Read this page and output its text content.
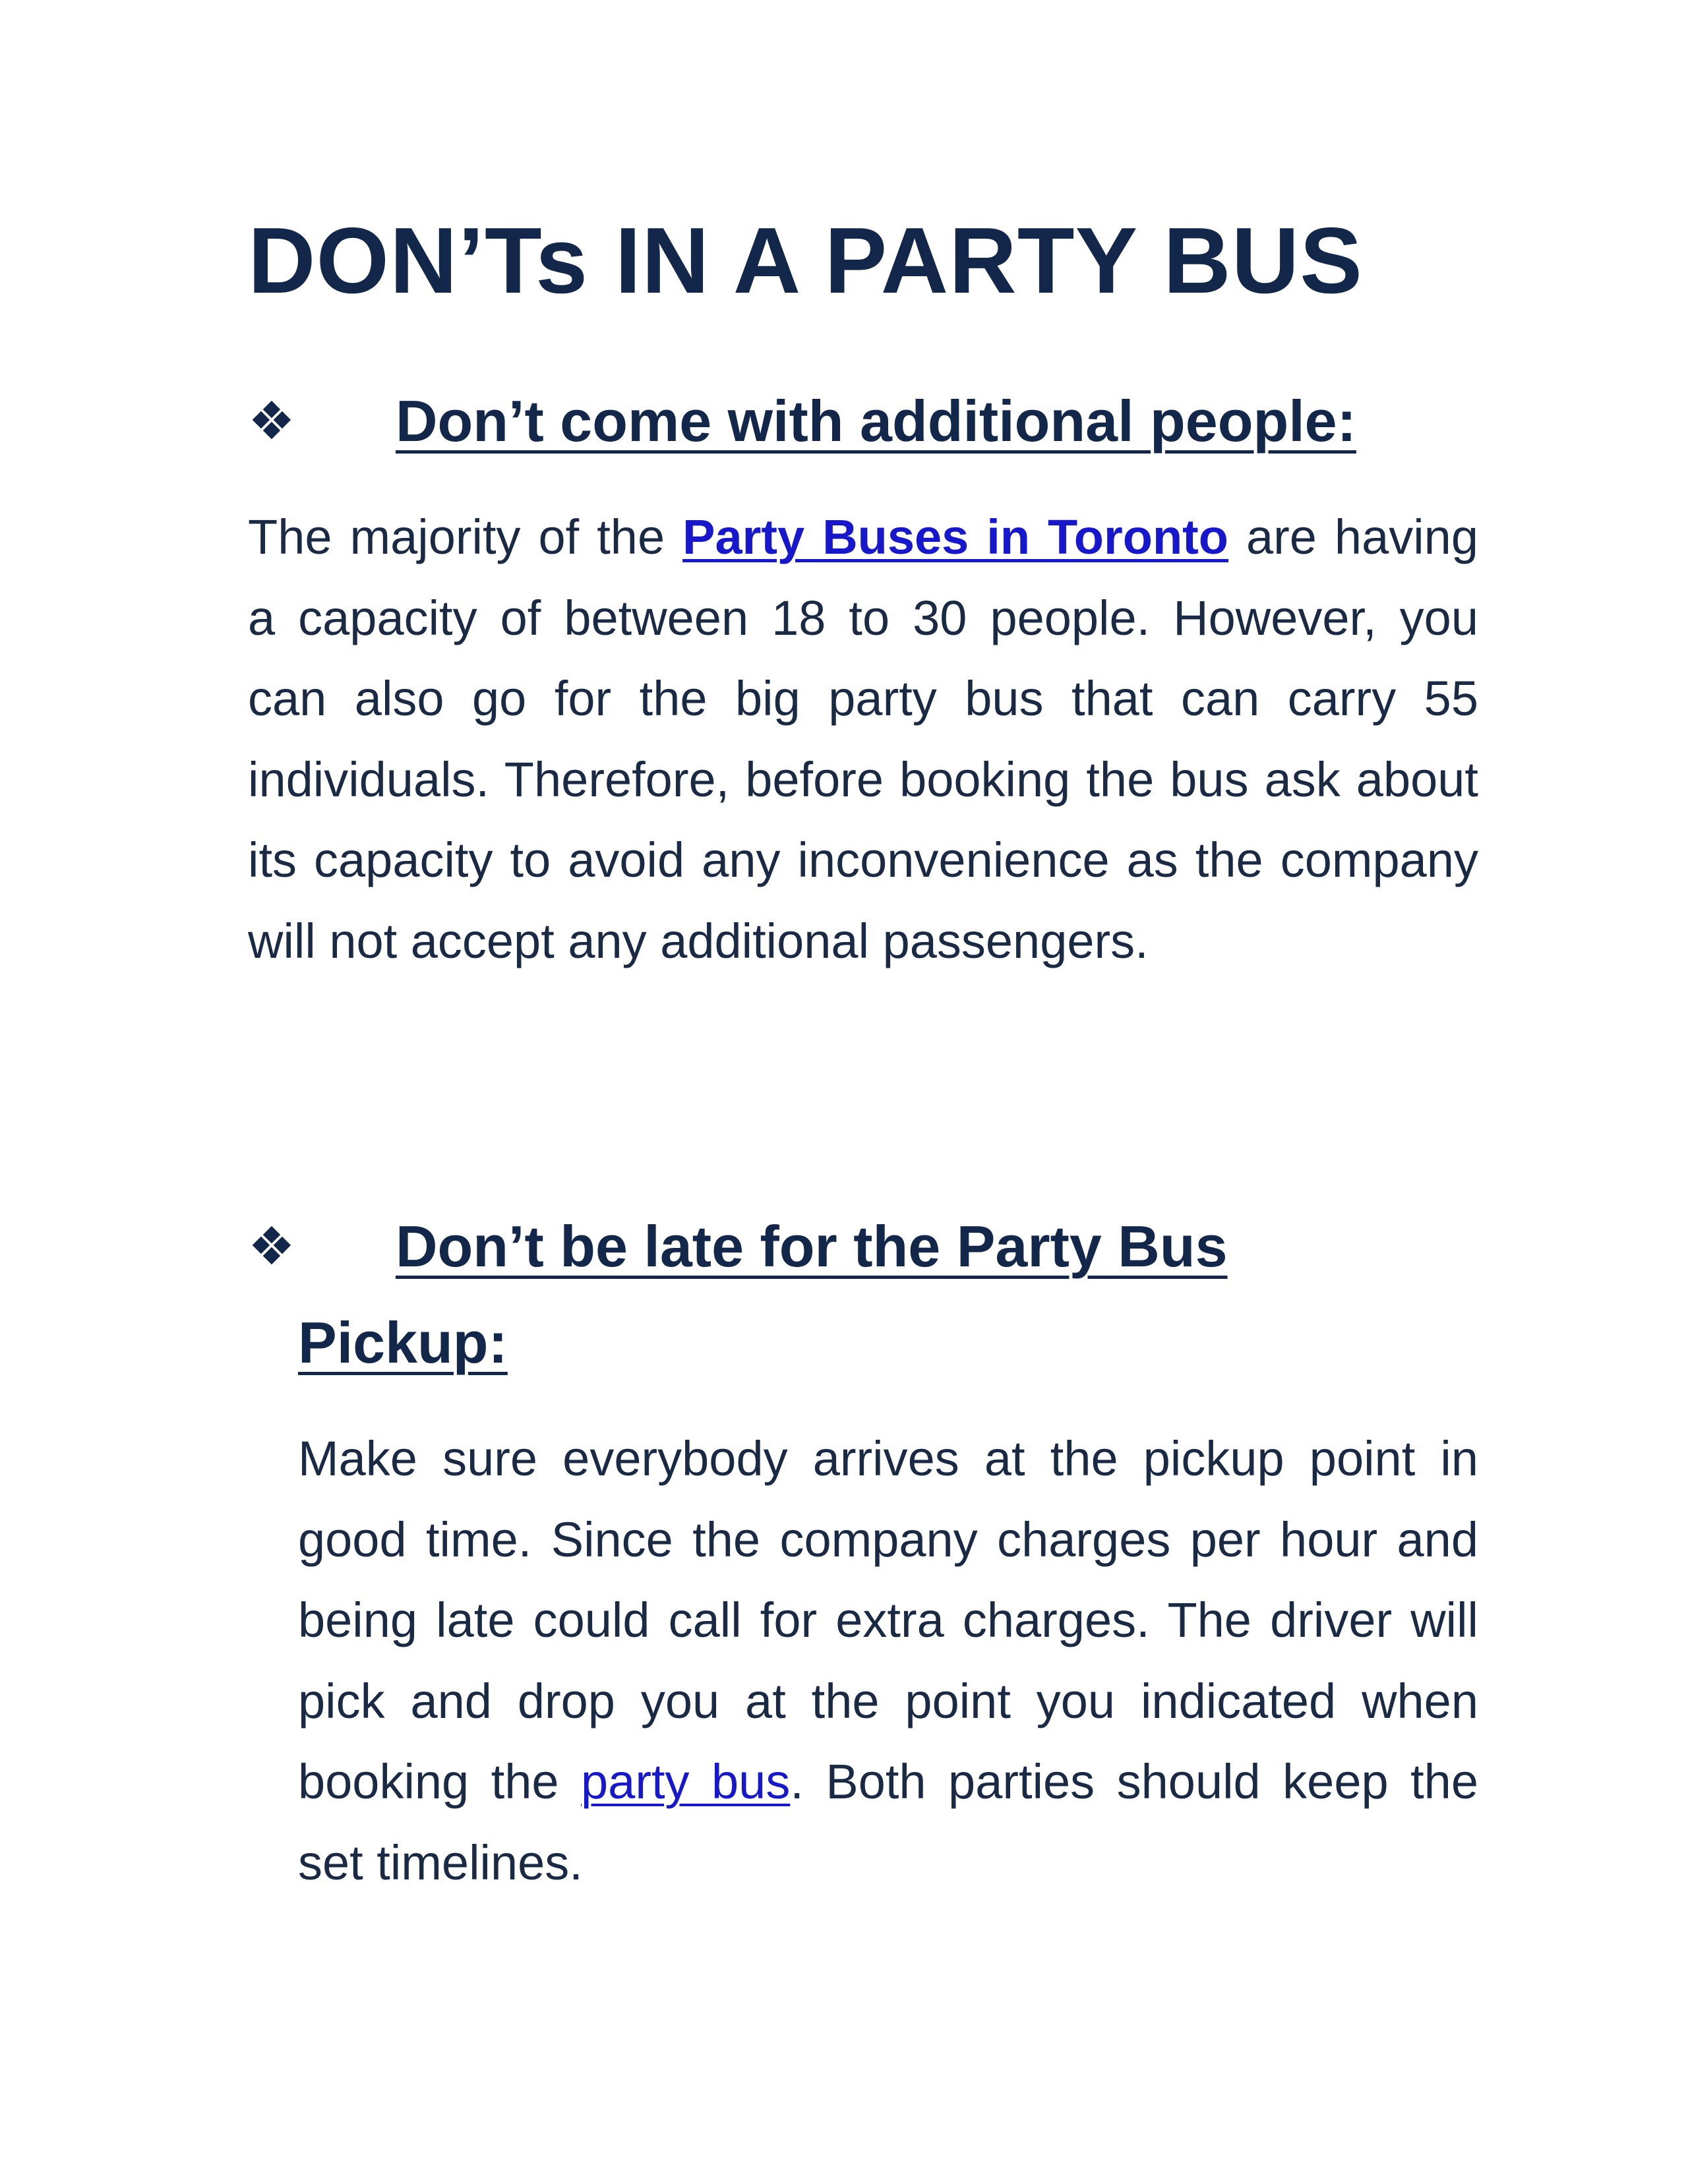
DON’Ts IN A PARTY BUS
❖ Don’t come with additional people:

The majority of the Party Buses in Toronto are having a capacity of between 18 to 30 people. However, you can also go for the big party bus that can carry 55 individuals. Therefore, before booking the bus ask about its capacity to avoid any inconvenience as the company will not accept any additional passengers.

❖ Don’t be late for the Party Bus

Pickup:

Make sure everybody arrives at the pickup point in good time. Since the company charges per hour and being late could call for extra charges. The driver will pick and drop you at the point you indicated when booking the party bus. Both parties should keep the set timelines.
